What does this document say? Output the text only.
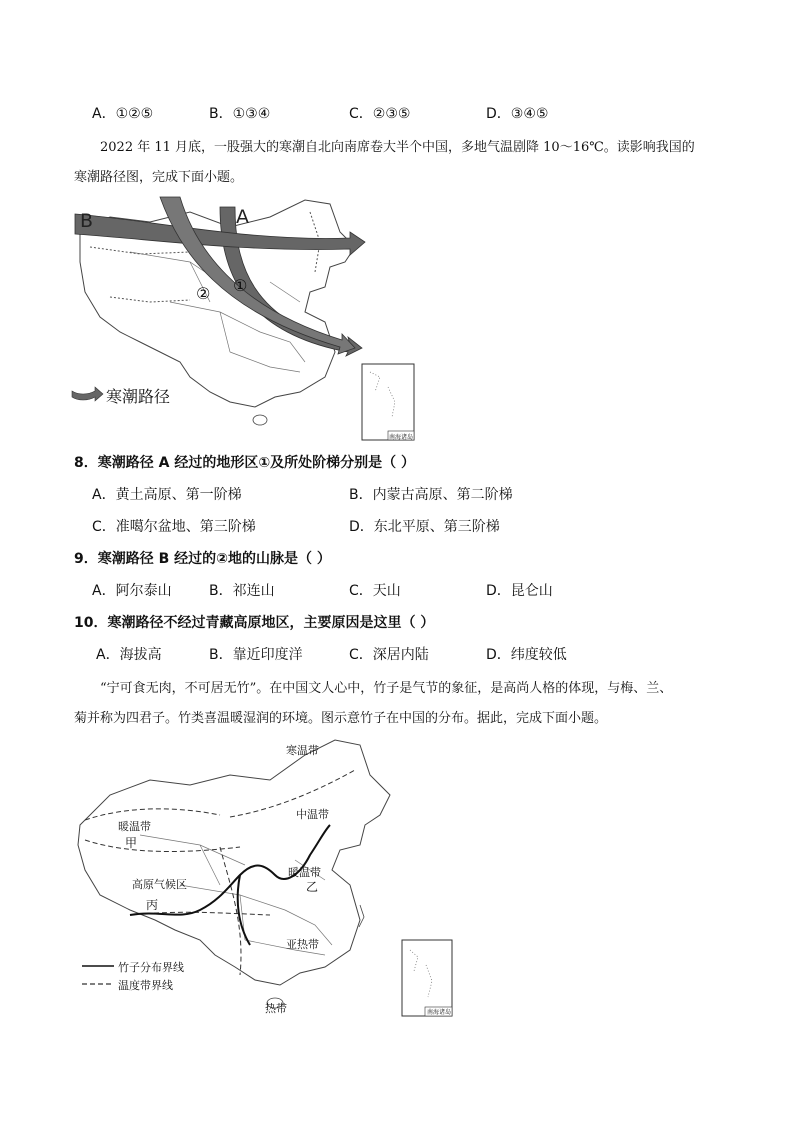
A．①②⑤	B．①③④	C．②③⑤	D．③④⑤
2022 年 11 月底，一股强大的寒潮自北向南席卷大半个中国，多地气温剧降 10～16℃。读影响我国的
寒潮路径图，完成下面小题。
B	A
② ①
寒潮路径
南海诸岛
8．寒潮路径 A 经过的地形区①及所处阶梯分别是（ ）
A．黄土高原、第一阶梯	B．内蒙古高原、第二阶梯
C．准噶尔盆地、第三阶梯	D．东北平原、第三阶梯
9．寒潮路径 B 经过的②地的山脉是（ ）
A．阿尔泰山	B．祁连山	C．天山	D．昆仑山
10．寒潮路径不经过青藏高原地区，主要原因是这里（ ）
A．海拔高	B．靠近印度洋	C．深居内陆	D．纬度较低
“宁可食无肉，不可居无竹”。在中国文人心中，竹子是气节的象征，是高尚人格的体现，与梅、兰、
菊并称为四君子。竹类喜温暖湿润的环境。图示意竹子在中国的分布。据此，完成下面小题。
寒温带
中温带
暖温带
甲
高原气候区
丙
暖温带
乙
亚热带
热带
竹子分布界线
温度带界线
南海诸岛
